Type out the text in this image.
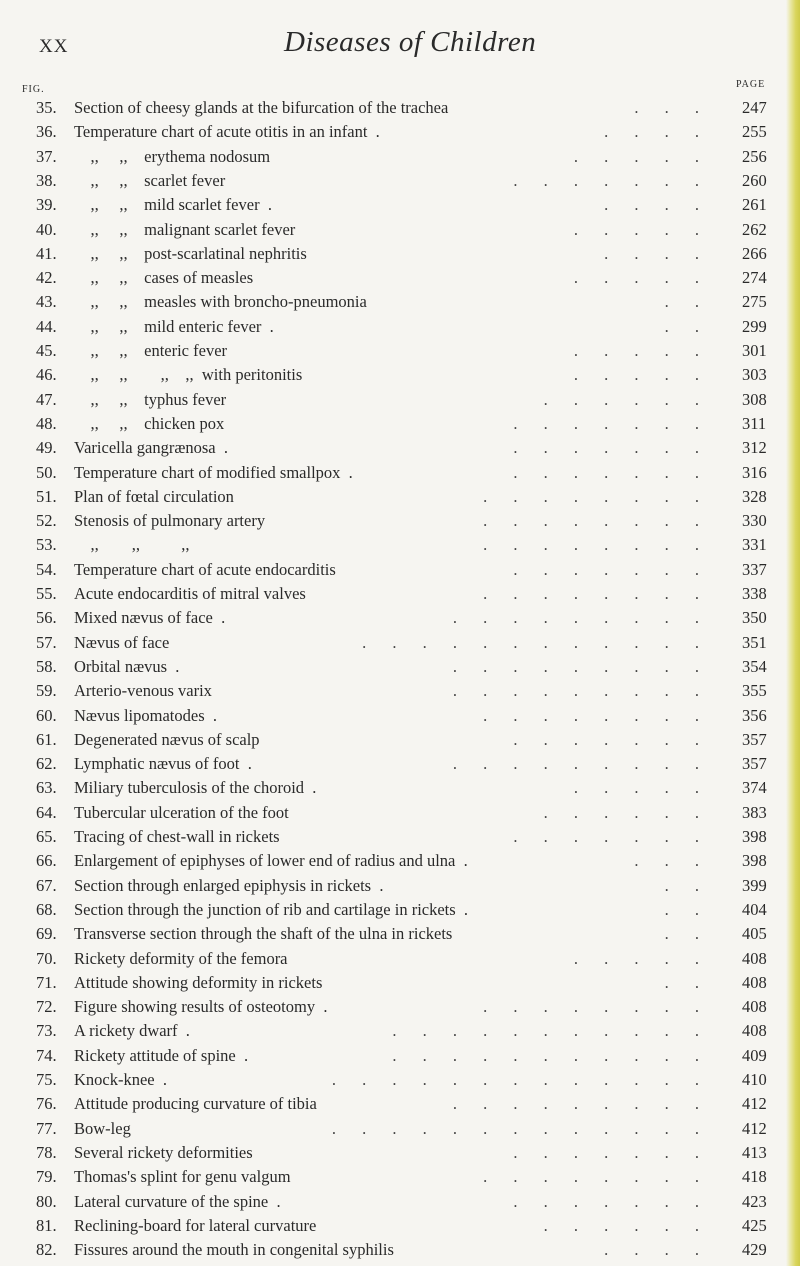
XX	Diseases of Children
FIG.	PAGE
35. Section of cheesy glands at the bifurcation of the trachea	. . . 247
36. Temperature chart of acute otitis in an infant  .	. . . . 255
37. ,,     ,,    erythema nodosum	. . . . . 256
38. ,,     ,,    scarlet fever	. . . . . . . 260
39. ,,     ,,    mild scarlet fever  .	. . . . 261
40. ,,     ,,    malignant scarlet fever	. . . . . 262
41. ,,     ,,    post-scarlatinal nephritis	. . . . 266
42. ,,     ,,    cases of measles	. . . . . 274
43. ,,     ,,    measles with broncho-pneumonia	. . 275
44. ,,     ,,    mild enteric fever  .	. . 299
45. ,,     ,,    enteric fever	. . . . . 301
46. ,,     ,,        ,,    ,,  with peritonitis	. . . . . 303
47. ,,     ,,    typhus fever	. . . . . . 308
48. ,,     ,,    chicken pox	. . . . . . . 311
49. Varicella gangrænosa  .	. . . . . . . 312
50. Temperature chart of modified smallpox  .	. . . . . . . 316
51. Plan of fœtal circulation	. . . . . . . . 328
52. Stenosis of pulmonary artery	. . . . . . . . 330
53. ,,        ,,          ,,	. . . . . . . . 331
54. Temperature chart of acute endocarditis	. . . . . . . 337
55. Acute endocarditis of mitral valves	. . . . . . . . 338
56. Mixed nævus of face  .	. . . . . . . . . 350
57. Nævus of face	. . . . . . . . . . . . 351
58. Orbital nævus  .	. . . . . . . . . 354
59. Arterio-venous varix	. . . . . . . . . 355
60. Nævus lipomatodes  .	. . . . . . . . 356
61. Degenerated nævus of scalp	. . . . . . . 357
62. Lymphatic nævus of foot  .	. . . . . . . . . 357
63. Miliary tuberculosis of the choroid  .	. . . . . 374
64. Tubercular ulceration of the foot	. . . . . . 383
65. Tracing of chest-wall in rickets	. . . . . . . 398
66. Enlargement of epiphyses of lower end of radius and ulna  .	. . . 398
67. Section through enlarged epiphysis in rickets  .	. . 399
68. Section through the junction of rib and cartilage in rickets  .	. . 404
69. Transverse section through the shaft of the ulna in rickets	. . 405
70. Rickety deformity of the femora	. . . . . 408
71. Attitude showing deformity in rickets	. . 408
72. Figure showing results of osteotomy  .	. . . . . . . . 408
73. A rickety dwarf  .	. . . . . . . . . . . 408
74. Rickety attitude of spine  .	. . . . . . . . . . . 409
75. Knock-knee  .	. . . . . . . . . . . . . 410
76. Attitude producing curvature of tibia	. . . . . . . . . 412
77. Bow-leg	. . . . . . . . . . . . . 412
78. Several rickety deformities	. . . . . . . 413
79. Thomas's splint for genu valgum	. . . . . . . . 418
80. Lateral curvature of the spine  .	. . . . . . . 423
81. Reclining-board for lateral curvature	. . . . . . 425
82. Fissures around the mouth in congenital syphilis	. . . . 429
